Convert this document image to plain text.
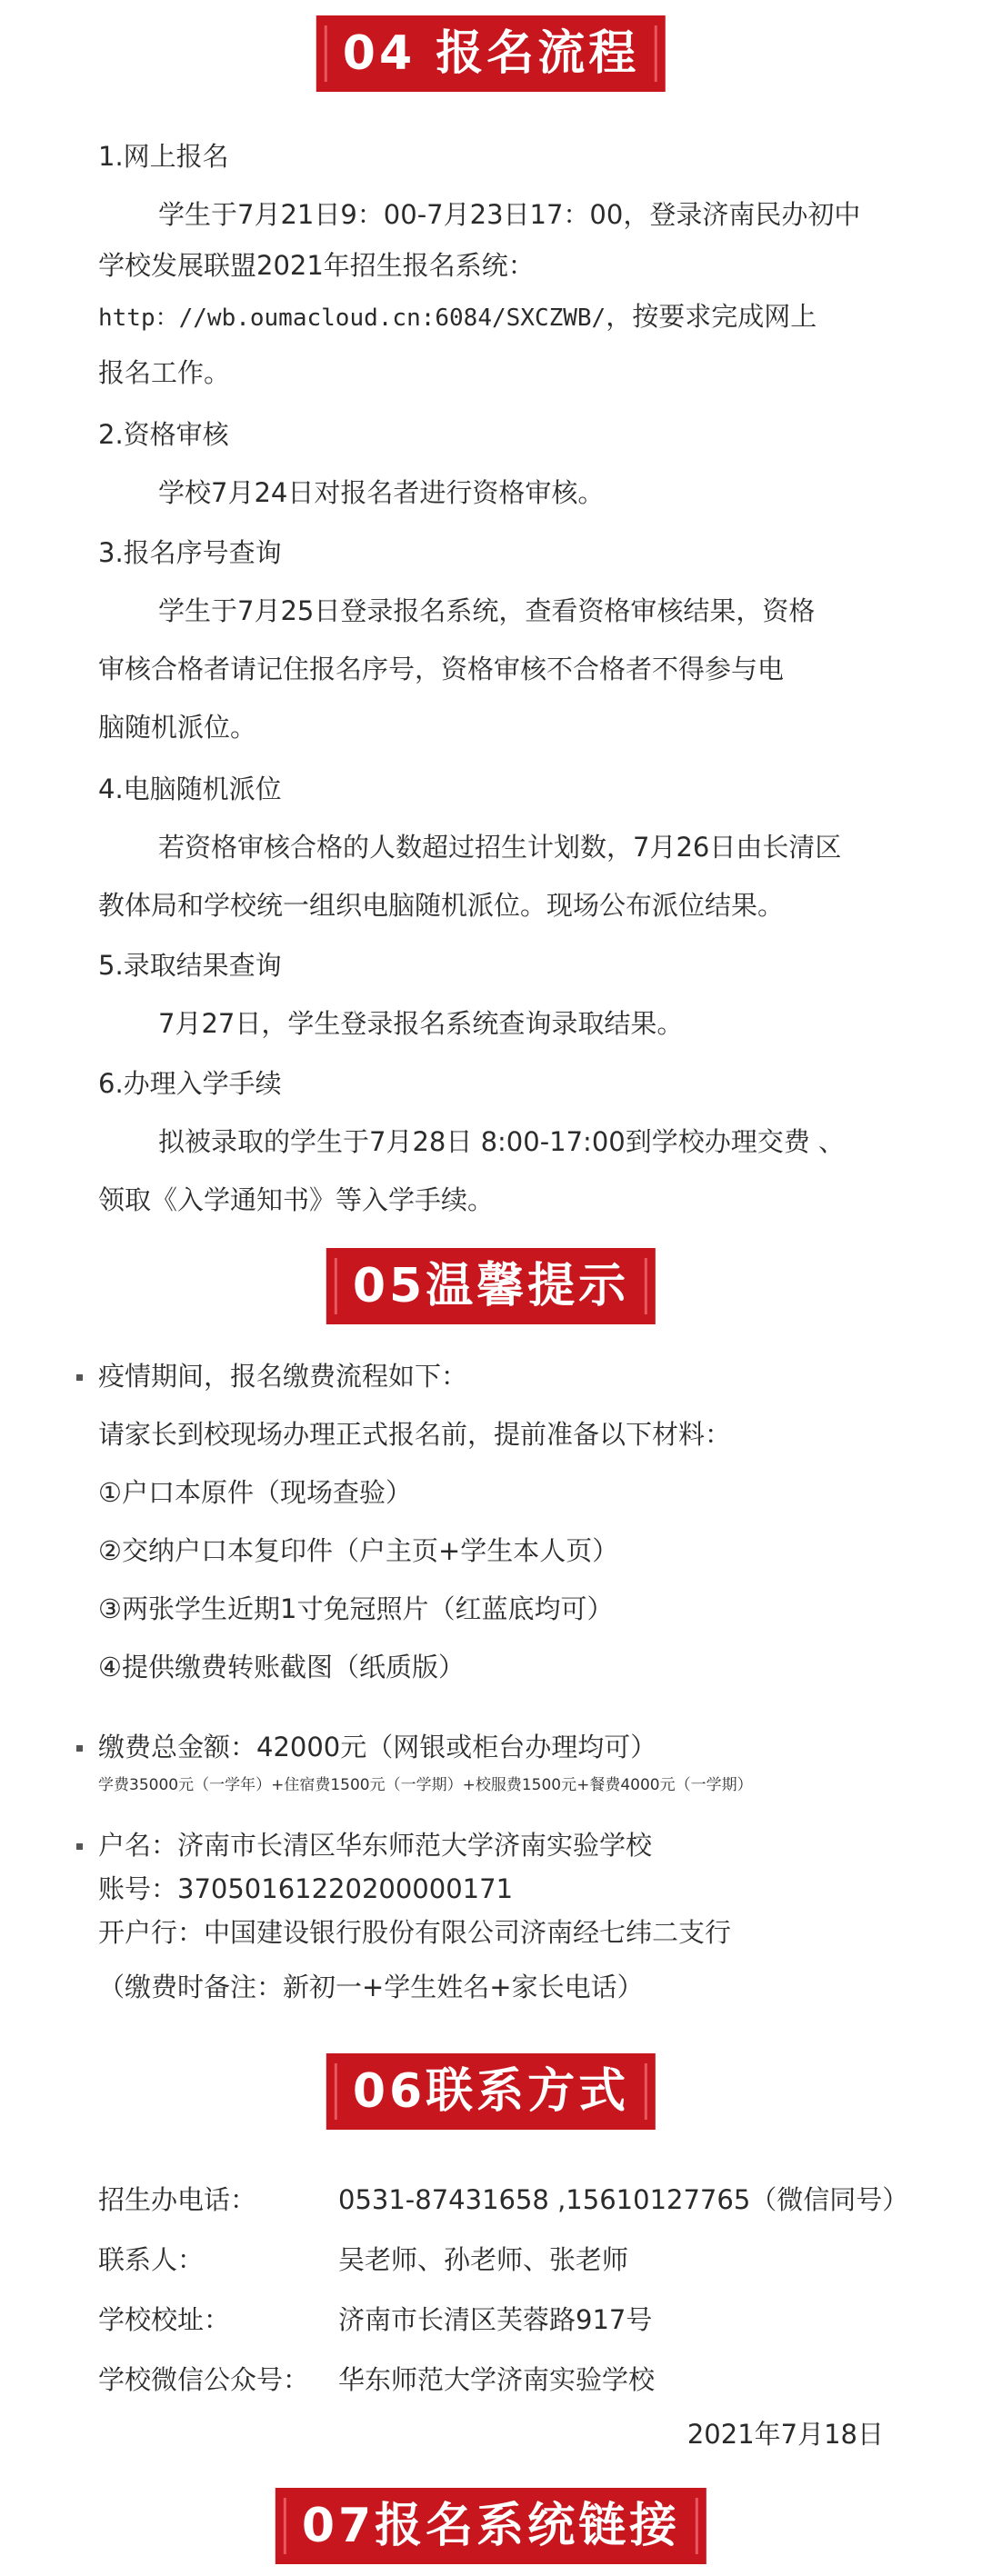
04 报名流程
1.网上报名
学生于7月21日9：00-7月23日17：00，登录济南民办初中
学校发展联盟2021年招生报名系统：
http：//wb.oumacloud.cn:6084/SXCZWB/，按要求完成网上
报名工作。
2.资格审核
学校7月24日对报名者进行资格审核。
3.报名序号查询
学生于7月25日登录报名系统，查看资格审核结果，资格
审核合格者请记住报名序号，资格审核不合格者不得参与电
脑随机派位。
4.电脑随机派位
若资格审核合格的人数超过招生计划数，7月26日由长清区
教体局和学校统一组织电脑随机派位。现场公布派位结果。
5.录取结果查询
7月27日，学生登录报名系统查询录取结果。
6.办理入学手续
拟被录取的学生于7月28日 8:00-17:00到学校办理交费 、
领取《入学通知书》等入学手续。
05温馨提示
疫情期间，报名缴费流程如下：
请家长到校现场办理正式报名前，提前准备以下材料：
①户口本原件（现场查验）
②交纳户口本复印件（户主页+学生本人页）
③两张学生近期1寸免冠照片（红蓝底均可）
④提供缴费转账截图（纸质版）
缴费总金额：42000元（网银或柜台办理均可）
学费35000元（一学年）+住宿费1500元（一学期）+校服费1500元+餐费4000元（一学期）
户名：济南市长清区华东师范大学济南实验学校
账号：37050161220200000171
开户行：中国建设银行股份有限公司济南经七纬二支行
（缴费时备注：新初一+学生姓名+家长电话）
06联系方式
招生办电话：	0531-87431658 ,15610127765（微信同号）
联系人：	吴老师、孙老师、张老师
学校校址：	济南市长清区芙蓉路917号
学校微信公众号： 华东师范大学济南实验学校
2021年7月18日
07报名系统链接
